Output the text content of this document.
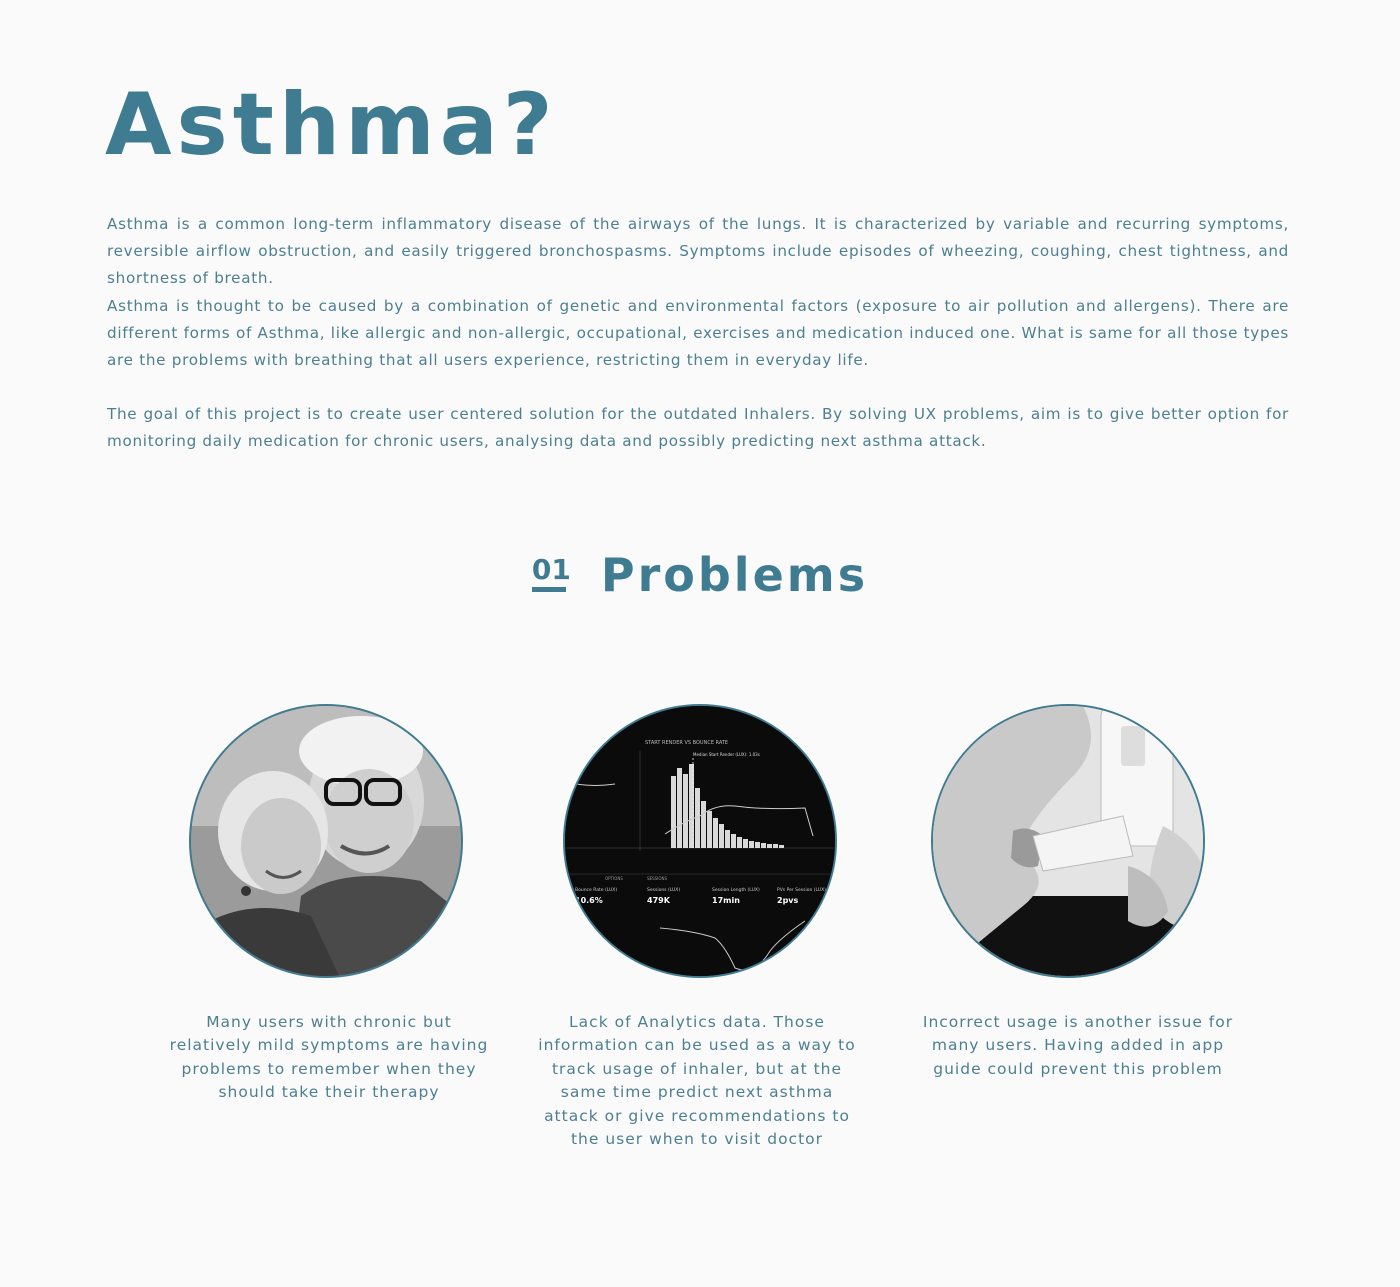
Asthma?

Asthma is a common long-term inflammatory disease of the airways of the lungs. It is characterized by variable and recurring symptoms, reversible airflow obstruction, and easily triggered bronchospasms. Symptoms include episodes of wheezing, coughing, chest tightness, and shortness of breath.

Asthma is thought to be caused by a combination of genetic and environmental factors (exposure to air pollution and allergens). There are different forms of Asthma, like allergic and non-allergic, occupational, exercises and medication induced one. What is same for all those types are the problems with breathing that all users experience, restricting them in everyday life.

The goal of this project is to create user centered solution for the outdated Inhalers. By solving UX problems, aim is to give better option for monitoring daily medication for chronic users, analysing data and possibly predicting next asthma attack.

01 Problems
START RENDER VS BOUNCE RATE
Median Start Render (LUX): 1.03s
SESSIONS
OPTIONS
Bounce Rate (LUX)
10.6%
Sessions (LUX)
479K
Session Length (LUX)
17min
PVs Per Session (LUX)
2pvs
Many users with chronic but relatively mild symptoms are having problems to remember when they should take their therapy
Lack of Analytics data. Those information can be used as a way to track usage of inhaler, but at the same time predict next asthma attack or give recommendations to the user when to visit doctor
Incorrect usage is another issue for many users. Having added in app guide could prevent this problem
